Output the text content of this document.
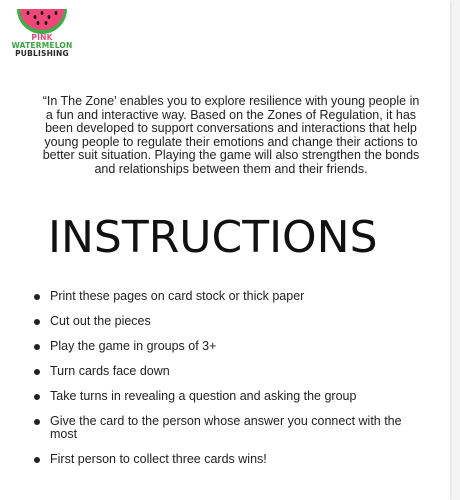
PINK
WATERMELON
PUBLISHING

“In The Zone’ enables you to explore resilience with young people in a fun and interactive way. Based on the Zones of Regulation, it has been developed to support conversations and interactions that help young people to regulate their emotions and change their actions to better suit situation. Playing the game will also strengthen the bonds and relationships between them and their friends.

INSTRUCTIONS
Print these pages on card stock or thick paper
Cut out the pieces
Play the game in groups of 3+
Turn cards face down
Take turns in revealing a question and asking the group
Give the card to the person whose answer you connect with the most
First person to collect three cards wins!
